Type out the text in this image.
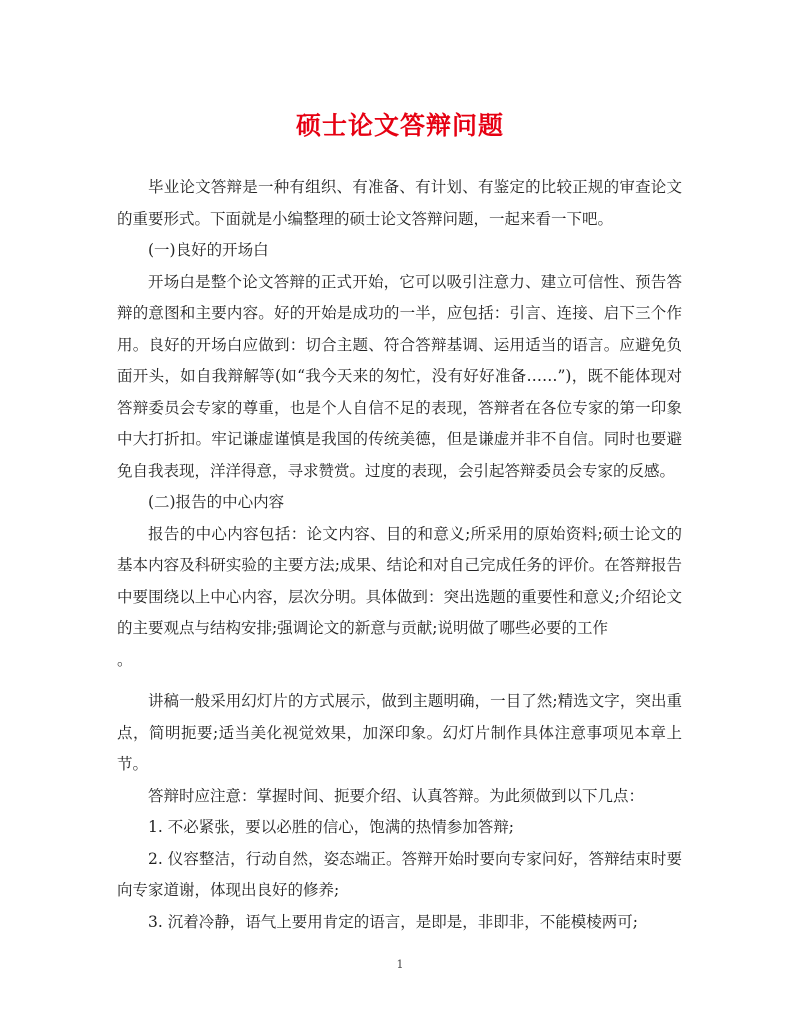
硕士论文答辩问题

毕业论文答辩是一种有组织、有准备、有计划、有鉴定的比较正规的审查论文的重要形式。下面就是小编整理的硕士论文答辩问题，一起来看一下吧。

(一)良好的开场白

开场白是整个论文答辩的正式开始，它可以吸引注意力、建立可信性、预告答辩的意图和主要内容。好的开始是成功的一半，应包括：引言、连接、启下三个作用。良好的开场白应做到：切合主题、符合答辩基调、运用适当的语言。应避免负面开头，如自我辩解等(如“我今天来的匆忙，没有好好准备……”)，既不能体现对答辩委员会专家的尊重，也是个人自信不足的表现，答辩者在各位专家的第一印象中大打折扣。牢记谦虚谨慎是我国的传统美德，但是谦虚并非不自信。同时也要避免自我表现，洋洋得意，寻求赞赏。过度的表现，会引起答辩委员会专家的反感。

(二)报告的中心内容

报告的中心内容包括：论文内容、目的和意义;所采用的原始资料;硕士论文的基本内容及科研实验的主要方法;成果、结论和对自己完成任务的评价。在答辩报告中要围绕以上中心内容，层次分明。具体做到：突出选题的重要性和意义;介绍论文的主要观点与结构安排;强调论文的新意与贡献;说明做了哪些必要的工作

。

讲稿一般采用幻灯片的方式展示，做到主题明确，一目了然;精选文字，突出重点，简明扼要;适当美化视觉效果，加深印象。幻灯片制作具体注意事项见本章上节。

答辩时应注意：掌握时间、扼要介绍、认真答辩。为此须做到以下几点：

1. 不必紧张，要以必胜的信心，饱满的热情参加答辩;

2. 仪容整洁，行动自然，姿态端正。答辩开始时要向专家问好，答辩结束时要向专家道谢，体现出良好的修养;

3. 沉着冷静，语气上要用肯定的语言，是即是，非即非，不能模棱两可;

1
